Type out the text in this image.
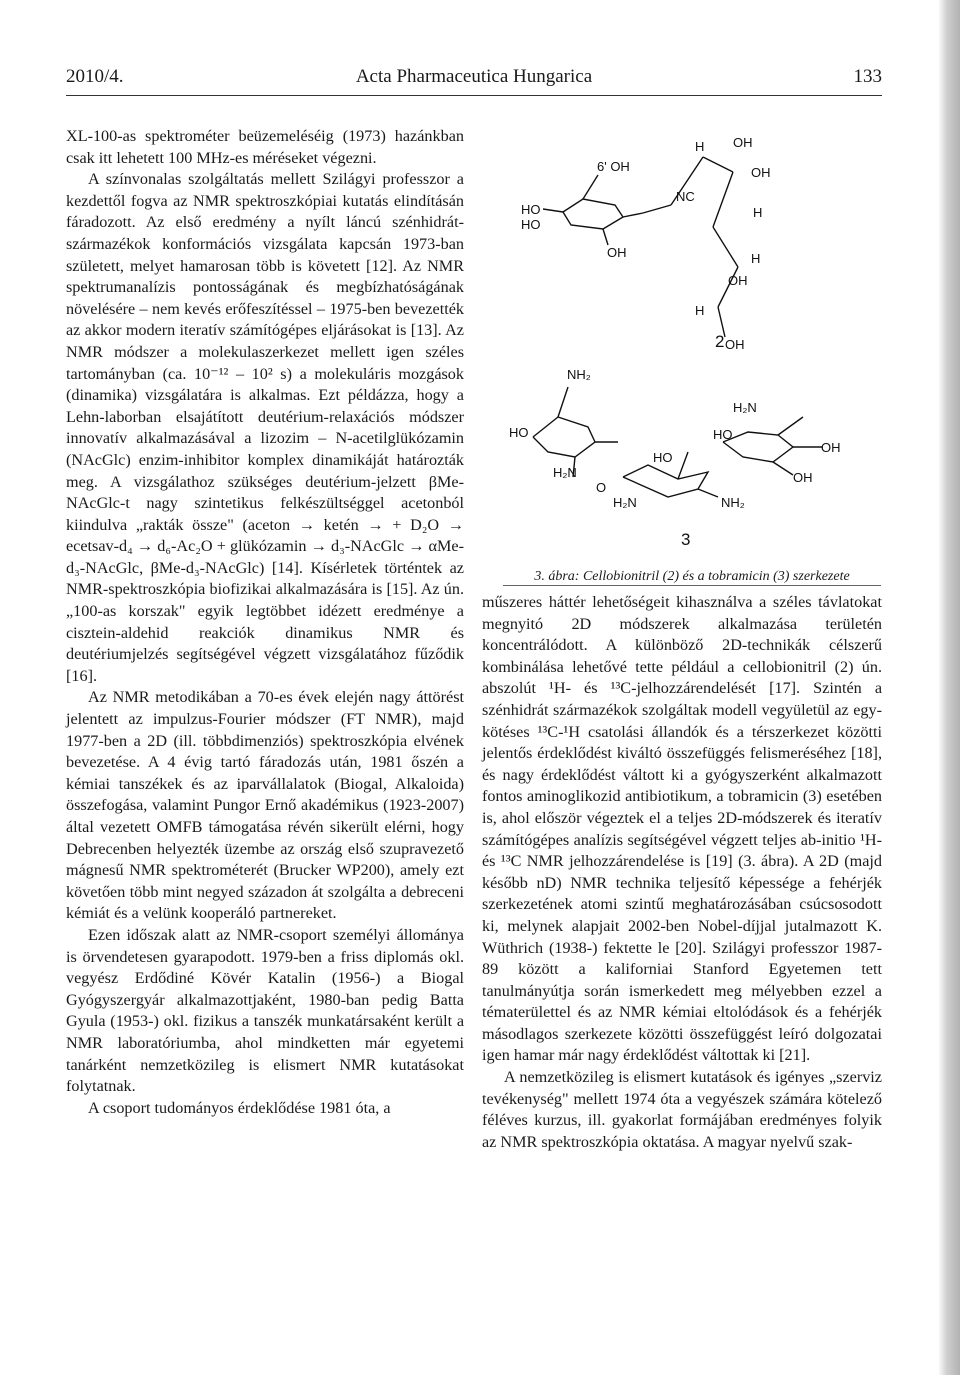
2010/4.	Acta Pharmaceutica Hungarica	133

XL-100-as spektrométer beüzemeléséig (1973) hazánkban csak itt lehetett 100 MHz-es méréseket végezni.

A színvonalas szolgáltatás mellett Szilágyi professzor a kezdettől fogva az NMR spektroszkópiai kutatás elindításán fáradozott. Az első eredmény a nyílt láncú szénhidrát-származékok konformációs vizsgálata kapcsán 1973-ban született, melyet hamarosan több is követett [12]. Az NMR spektrumanalízis pontosságának és megbízhatóságának növelésére – nem kevés erőfeszítéssel – 1975-ben bevezették az akkor modern iteratív számítógépes eljárásokat is [13]. Az NMR módszer a molekulaszerkezet mellett igen széles tartományban (ca. 10⁻¹² – 10² s) a molekuláris mozgások (dinamika) vizsgálatára is alkalmas. Ezt példázza, hogy a Lehn-laborban elsajátított deutérium-relaxációs módszer innovatív alkalmazásával a lizozim – N-acetilglükózamin (NAcGlc) enzim-inhibitor komplex dinamikáját határozták meg. A vizsgálathoz szükséges deutérium-jelzett βMe-NAcGlc-t nagy szintetikus felkészültséggel acetonból kiindulva „rakták össze" (aceton → ketén → + D₂O → ecetsav-d₄ → d₆-Ac₂O + glükózamin → d₃-NAcGlc → αMe-d₃-NAcGlc, βMe-d₃-NAcGlc) [14]. Kísérletek történtek az NMR-spektroszkópia biofizikai alkalmazására is [15]. Az ún. „100-as korszak" egyik legtöbbet idézett eredménye a cisztein-aldehid reakciók dinamikus NMR és deutériumjelzés segítségével végzett vizsgálatához fűződik [16].

Az NMR metodikában a 70-es évek elején nagy áttörést jelentett az impulzus-Fourier módszer (FT NMR), majd 1977-ben a 2D (ill. többdimenziós) spektroszkópia elvének bevezetése. A 4 évig tartó fáradozás után, 1981 őszén a kémiai tanszékek és az iparvállalatok (Biogal, Alkaloida) összefogása, valamint Pungor Ernő akadémikus (1923-2007) által vezetett OMFB támogatása révén sikerült elérni, hogy Debrecenben helyezték üzembe az ország első szupravezető mágnesű NMR spektrométerét (Brucker WP200), amely ezt követően több mint negyed századon át szolgálta a debreceni kémiát és a velünk kooperáló partnereket.

Ezen időszak alatt az NMR-csoport személyi állománya is örvendetesen gyarapodott. 1979-ben a friss diplomás okl. vegyész Erdődiné Kövér Katalin (1956-) a Biogal Gyógyszergyár alkalmazottjaként, 1980-ban pedig Batta Gyula (1953-) okl. fizikus a tanszék munkatársaként került a NMR laboratóriumba, ahol mindketten már egyetemi tanárként nemzetközileg is elismert NMR kutatásokat folytatnak.

A csoport tudományos érdeklődése 1981 óta, a

HO
HO
6' OH
OH
NC
H OH
OH
H
H
OH
H
OH
NH₂
HO
H₂N
HO
H₂N	NH₂
H₂N
HO
OH
OH
O
2
3
3. ábra: Cellobionitril (2) és a tobramicin (3) szerkezete

műszeres háttér lehetőségeit kihasználva a széles távlatokat megnyitó 2D módszerek alkalmazása területén koncentrálódott. A különböző 2D-technikák célszerű kombinálása lehetővé tette például a cellobionitril (2) ún. abszolút ¹H- és ¹³C-jelhozzárendelését [17]. Szintén a szénhidrát származékok szolgáltak modell vegyületül az egy-kötéses ¹³C-¹H csatolási állandók és a térszerkezet közötti jelentős érdeklődést kiváltó összefüggés felismeréséhez [18], és nagy érdeklődést váltott ki a gyógyszerként alkalmazott fontos aminoglikozid antibiotikum, a tobramicin (3) esetében is, ahol először végeztek el a teljes 2D-módszerek és iteratív számítógépes analízis segítségével végzett teljes ab-initio ¹H- és ¹³C NMR jelhozzárendelése is [19] (3. ábra). A 2D (majd később nD) NMR technika teljesítő képessége a fehérjék szerkezetének atomi szintű meghatározásában csúcsosodott ki, melynek alapjait 2002-ben Nobel-díjjal jutalmazott K. Wüthrich (1938-) fektette le [20]. Szilágyi professzor 1987-89 között a kaliforniai Stanford Egyetemen tett tanulmányútja során ismerkedett meg mélyebben ezzel a tématerülettel és az NMR kémiai eltolódások és a fehérjék másodlagos szerkezete közötti összefüggést leíró dolgozatai igen hamar már nagy érdeklődést váltottak ki [21].

A nemzetközileg is elismert kutatások és igényes „szerviz tevékenység" mellett 1974 óta a vegyészek számára kötelező féléves kurzus, ill. gyakorlat formájában eredményes folyik az NMR spektroszkópia oktatása. A magyar nyelvű szak-
